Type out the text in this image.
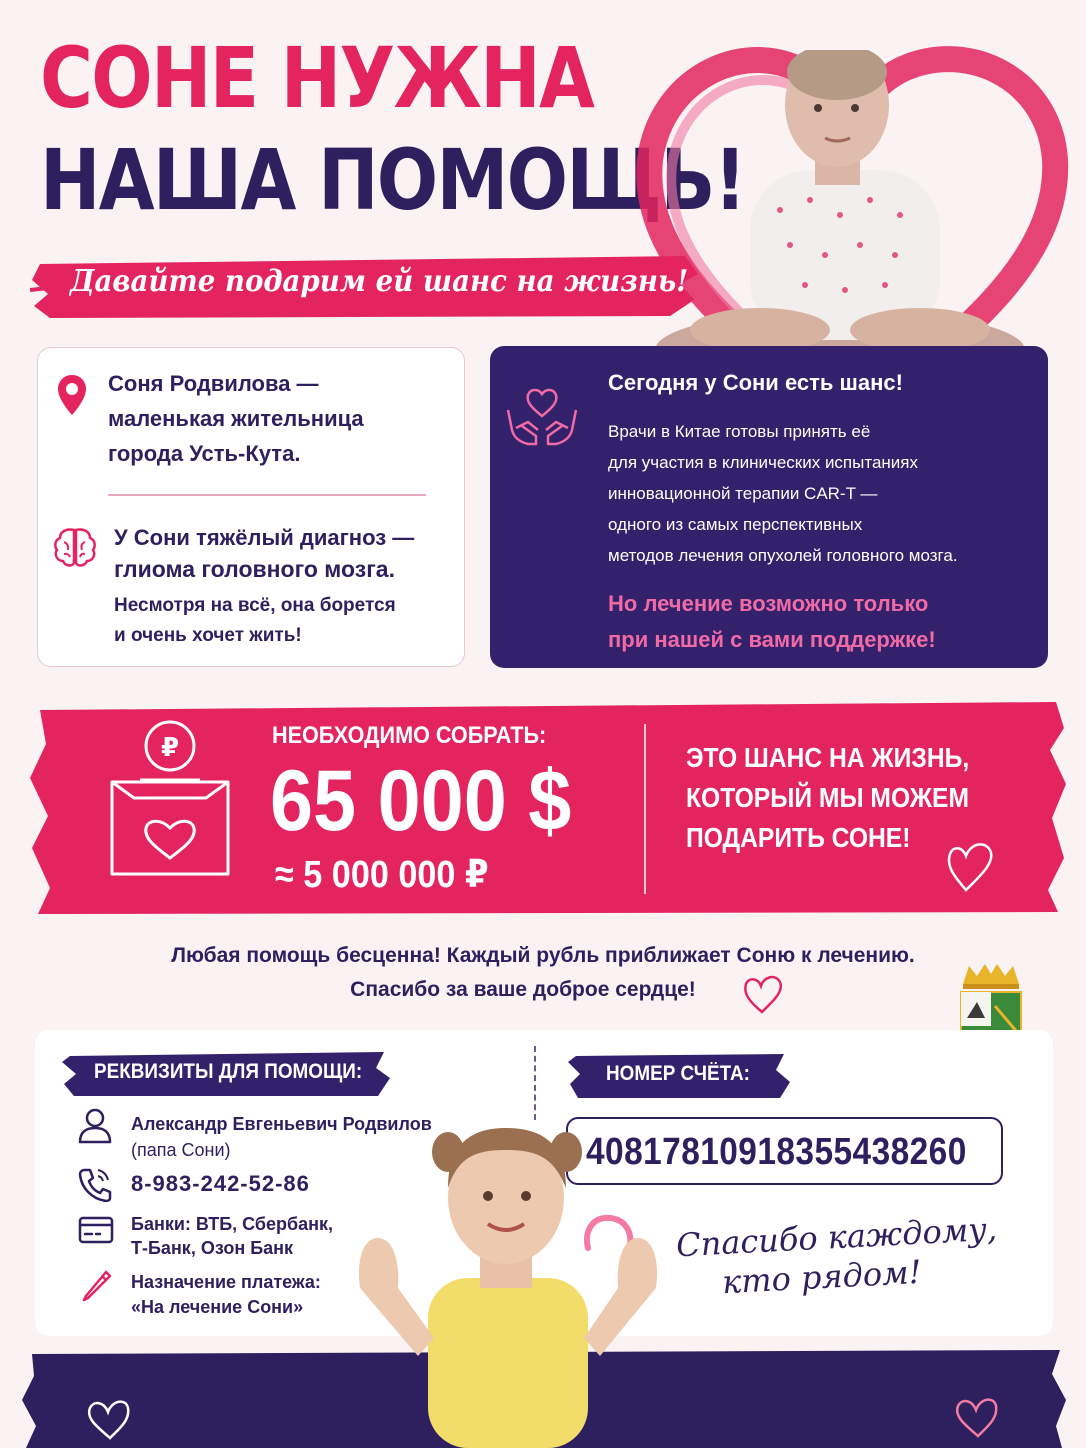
СОНЕ НУЖНА
НАША ПОМОЩЬ!
Давайте подарим ей шанс на жизнь!
Соня Родвилова —
маленькая жительница
города Усть-Кута.
У Сони тяжёлый диагноз —
глиома головного мозга.
Несмотря на всё, она борется
и очень хочет жить!
Сегодня у Сони есть шанс!
Врачи в Китае готовы принять её
для участия в клинических испытаниях
инновационной терапии CAR-T —
одного из самых перспективных
методов лечения опухолей головного мозга.
Но лечение возможно только
при нашей с вами поддержке!
₽	НЕОБХОДИМО СОБРАТЬ:
65 000 $
≈ 5 000 000 ₽
ЭТО ШАНС НА ЖИЗНЬ,
КОТОРЫЙ МЫ МОЖЕМ
ПОДАРИТЬ СОНЕ!
Любая помощь бесценна! Каждый рубль приближает Соню к лечению.
Спасибо за ваше доброе сердце!
РЕКВИЗИТЫ ДЛЯ ПОМОЩИ:	НОМЕР СЧЁТА:
Александр Евгеньевич Родвилов
(папа Сони)
8-983-242-52-86
Банки: ВТБ, Сбербанк,
Т-Банк, Озон Банк
Назначение платежа:
«На лечение Сони»
40817810918355438260
Спасибо каждому,
кто рядом!
